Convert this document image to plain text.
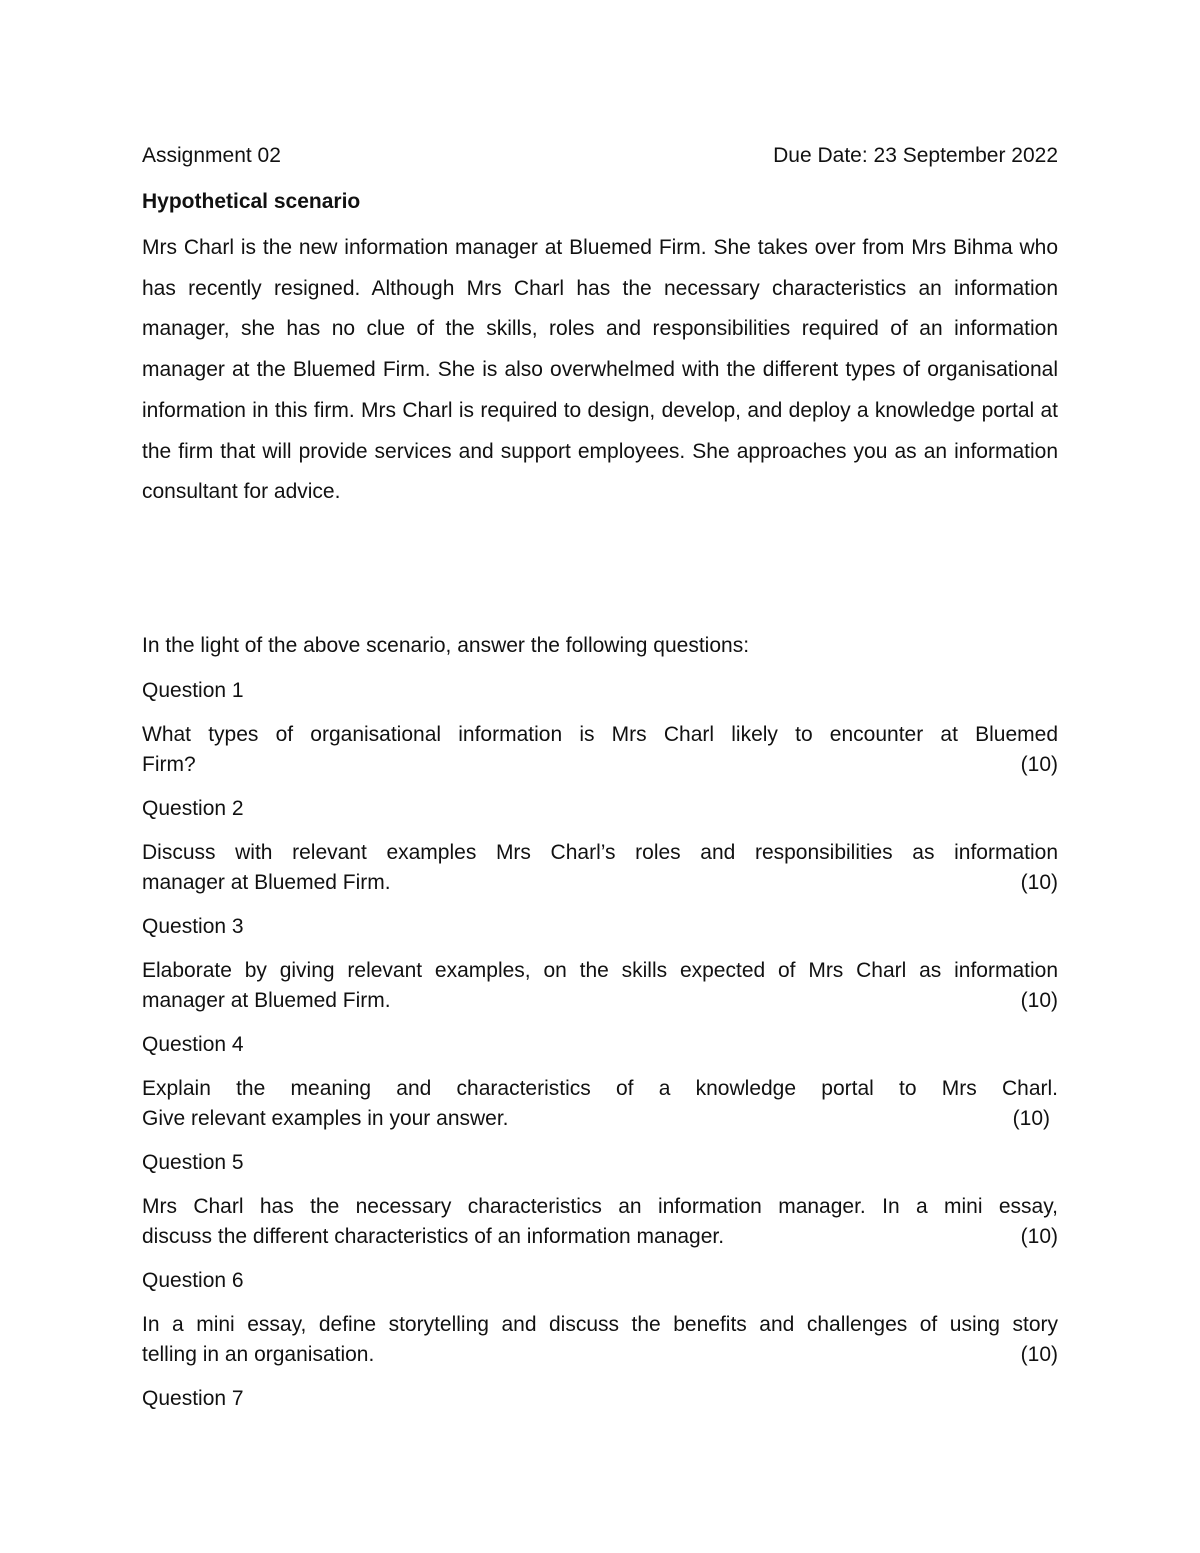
Assignment 02	Due Date: 23 September 2022
Hypothetical scenario
Mrs Charl is the new information manager at Bluemed Firm. She takes over from Mrs Bihma who has recently resigned. Although Mrs Charl has the necessary characteristics an information manager, she has no clue of the skills, roles and responsibilities required of an information manager at the Bluemed Firm. She is also overwhelmed with the different types of organisational information in this firm. Mrs Charl is required to design, develop, and deploy a knowledge portal at the firm that will provide services and support employees. She approaches you as an information consultant for advice.
In the light of the above scenario, answer the following questions:
Question 1
What types of organisational information is Mrs Charl likely to encounter at Bluemed
Firm?	(10)
Question 2
Discuss with relevant examples Mrs Charl’s roles and responsibilities as information
manager at Bluemed Firm.	(10)
Question 3
Elaborate by giving relevant examples, on the skills expected of Mrs Charl as information
manager at Bluemed Firm.	(10)
Question 4
Explain the meaning and characteristics of a knowledge portal to Mrs Charl.
Give relevant examples in your answer.	(10)
Question 5
Mrs Charl has the necessary characteristics an information manager. In a mini essay,
discuss the different characteristics of an information manager.	(10)
Question 6
In a mini essay, define storytelling and discuss the benefits and challenges of using story
telling in an organisation.	(10)
Question 7
